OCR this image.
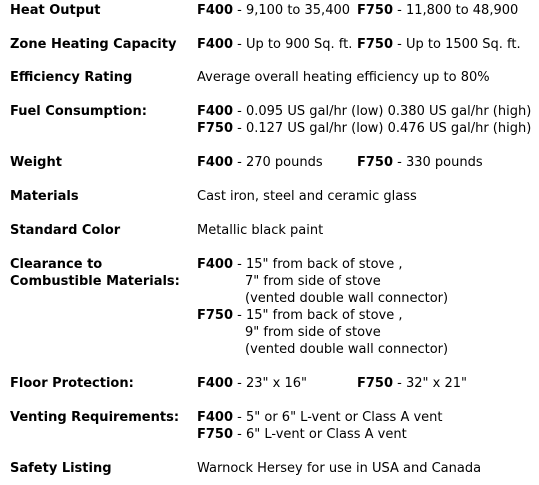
Heat Output	F400 - 9,100 to 35,400 F750 - 11,800 to 48,900
Zone Heating Capacity F400 - Up to 900 Sq. ft. F750 - Up to 1500 Sq. ft.
Efficiency Rating	Average overall heating efficiency up to 80%
Fuel Consumption:	F400 - 0.095 US gal/hr (low) 0.380 US gal/hr (high)
F750 - 0.127 US gal/hr (low) 0.476 US gal/hr (high)
Weight	F400 - 270 pounds	F750 - 330 pounds
Materials	Cast iron, steel and ceramic glass
Standard Color	Metallic black paint
Clearance to
Combustible Materials:
F400 - 15" from back of stove ,
7" from side of stove
(vented double wall connector)
F750 - 15" from back of stove ,
9" from side of stove
(vented double wall connector)
Floor Protection:	F400 - 23" x 16"	F750 - 32" x 21"
Venting Requirements: F400 - 5" or 6" L-vent or Class A vent
F750 - 6" L-vent or Class A vent
Safety Listing	Warnock Hersey for use in USA and Canada
